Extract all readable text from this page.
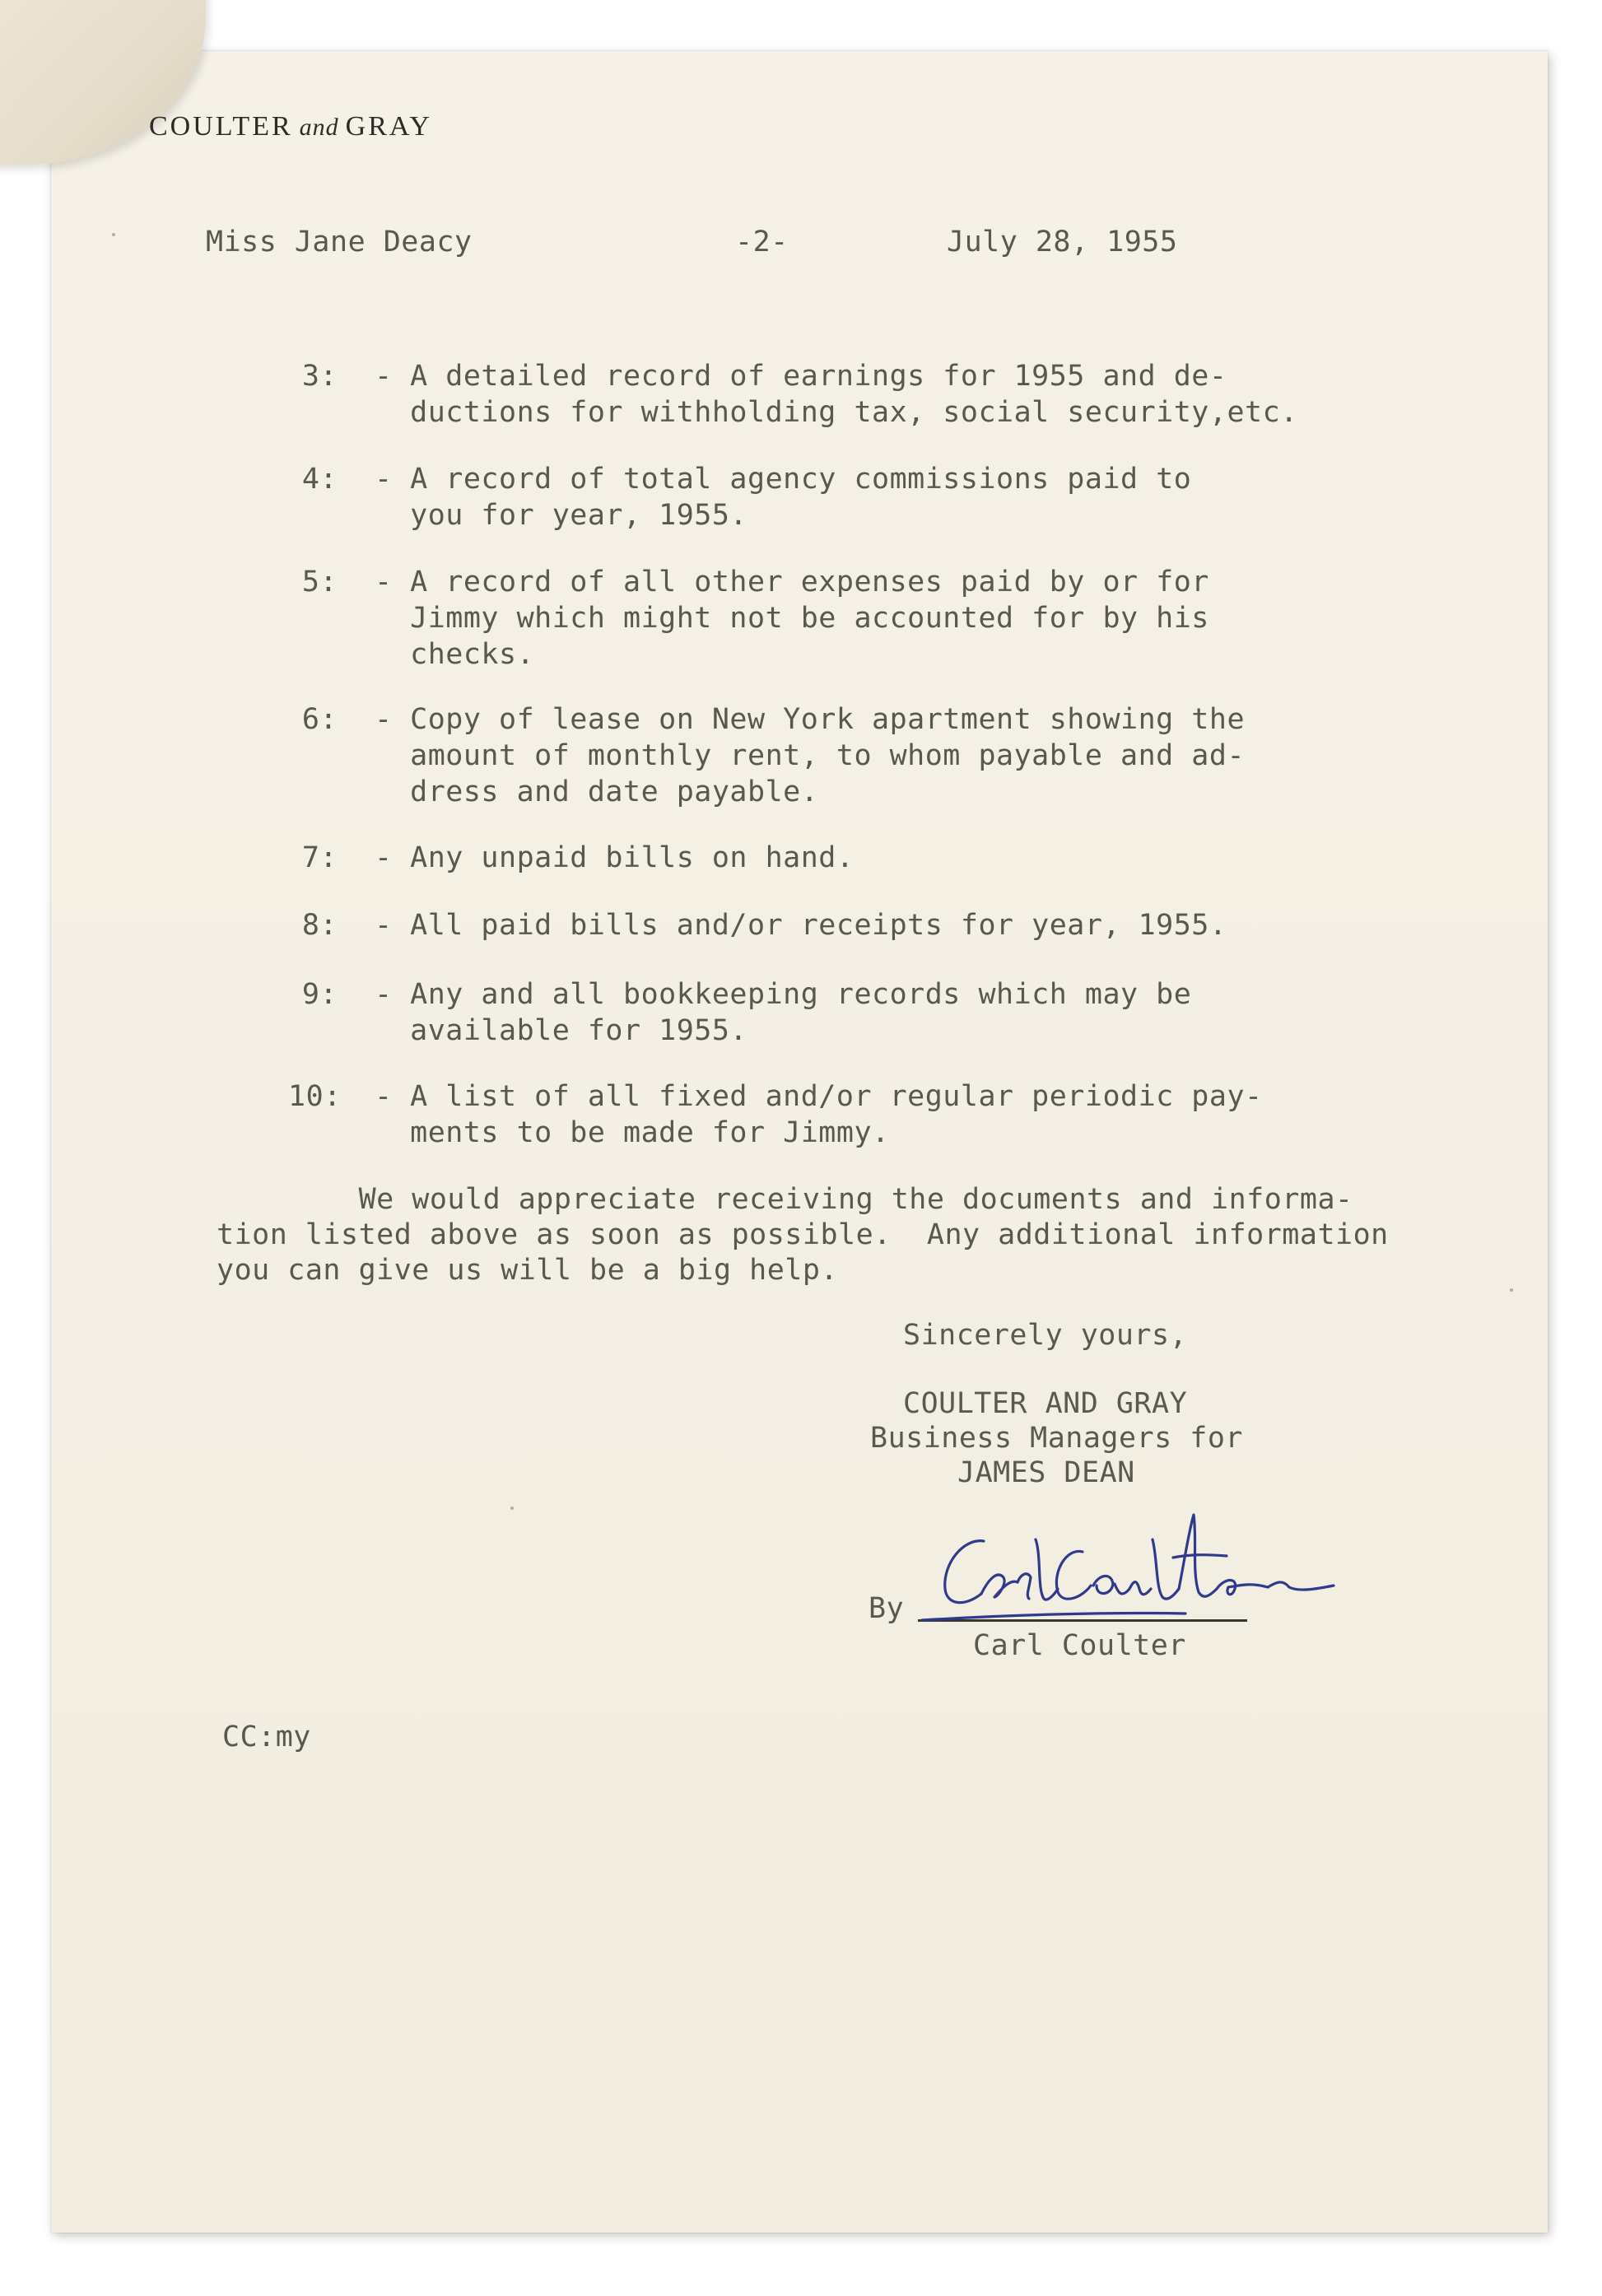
COULTER and GRAY
Miss Jane Deacy	-2-	July 28, 1955
3: - A detailed record of earnings for 1955 and de-
ductions for withholding tax, social security,etc.
4: - A record of total agency commissions paid to
you for year, 1955.
5: - A record of all other expenses paid by or for
Jimmy which might not be accounted for by his
checks.
6: - Copy of lease on New York apartment showing the
amount of monthly rent, to whom payable and ad-
dress and date payable.
7: - Any unpaid bills on hand.
8: - All paid bills and/or receipts for year, 1955.
9: - Any and all bookkeeping records which may be
available for 1955.
10: - A list of all fixed and/or regular periodic pay-
ments to be made for Jimmy.
We would appreciate receiving the documents and informa-
tion listed above as soon as possible.  Any additional information
you can give us will be a big help.
Sincerely yours,
COULTER AND GRAY
Business Managers for
JAMES DEAN
By
Carl Coulter
CC:my
